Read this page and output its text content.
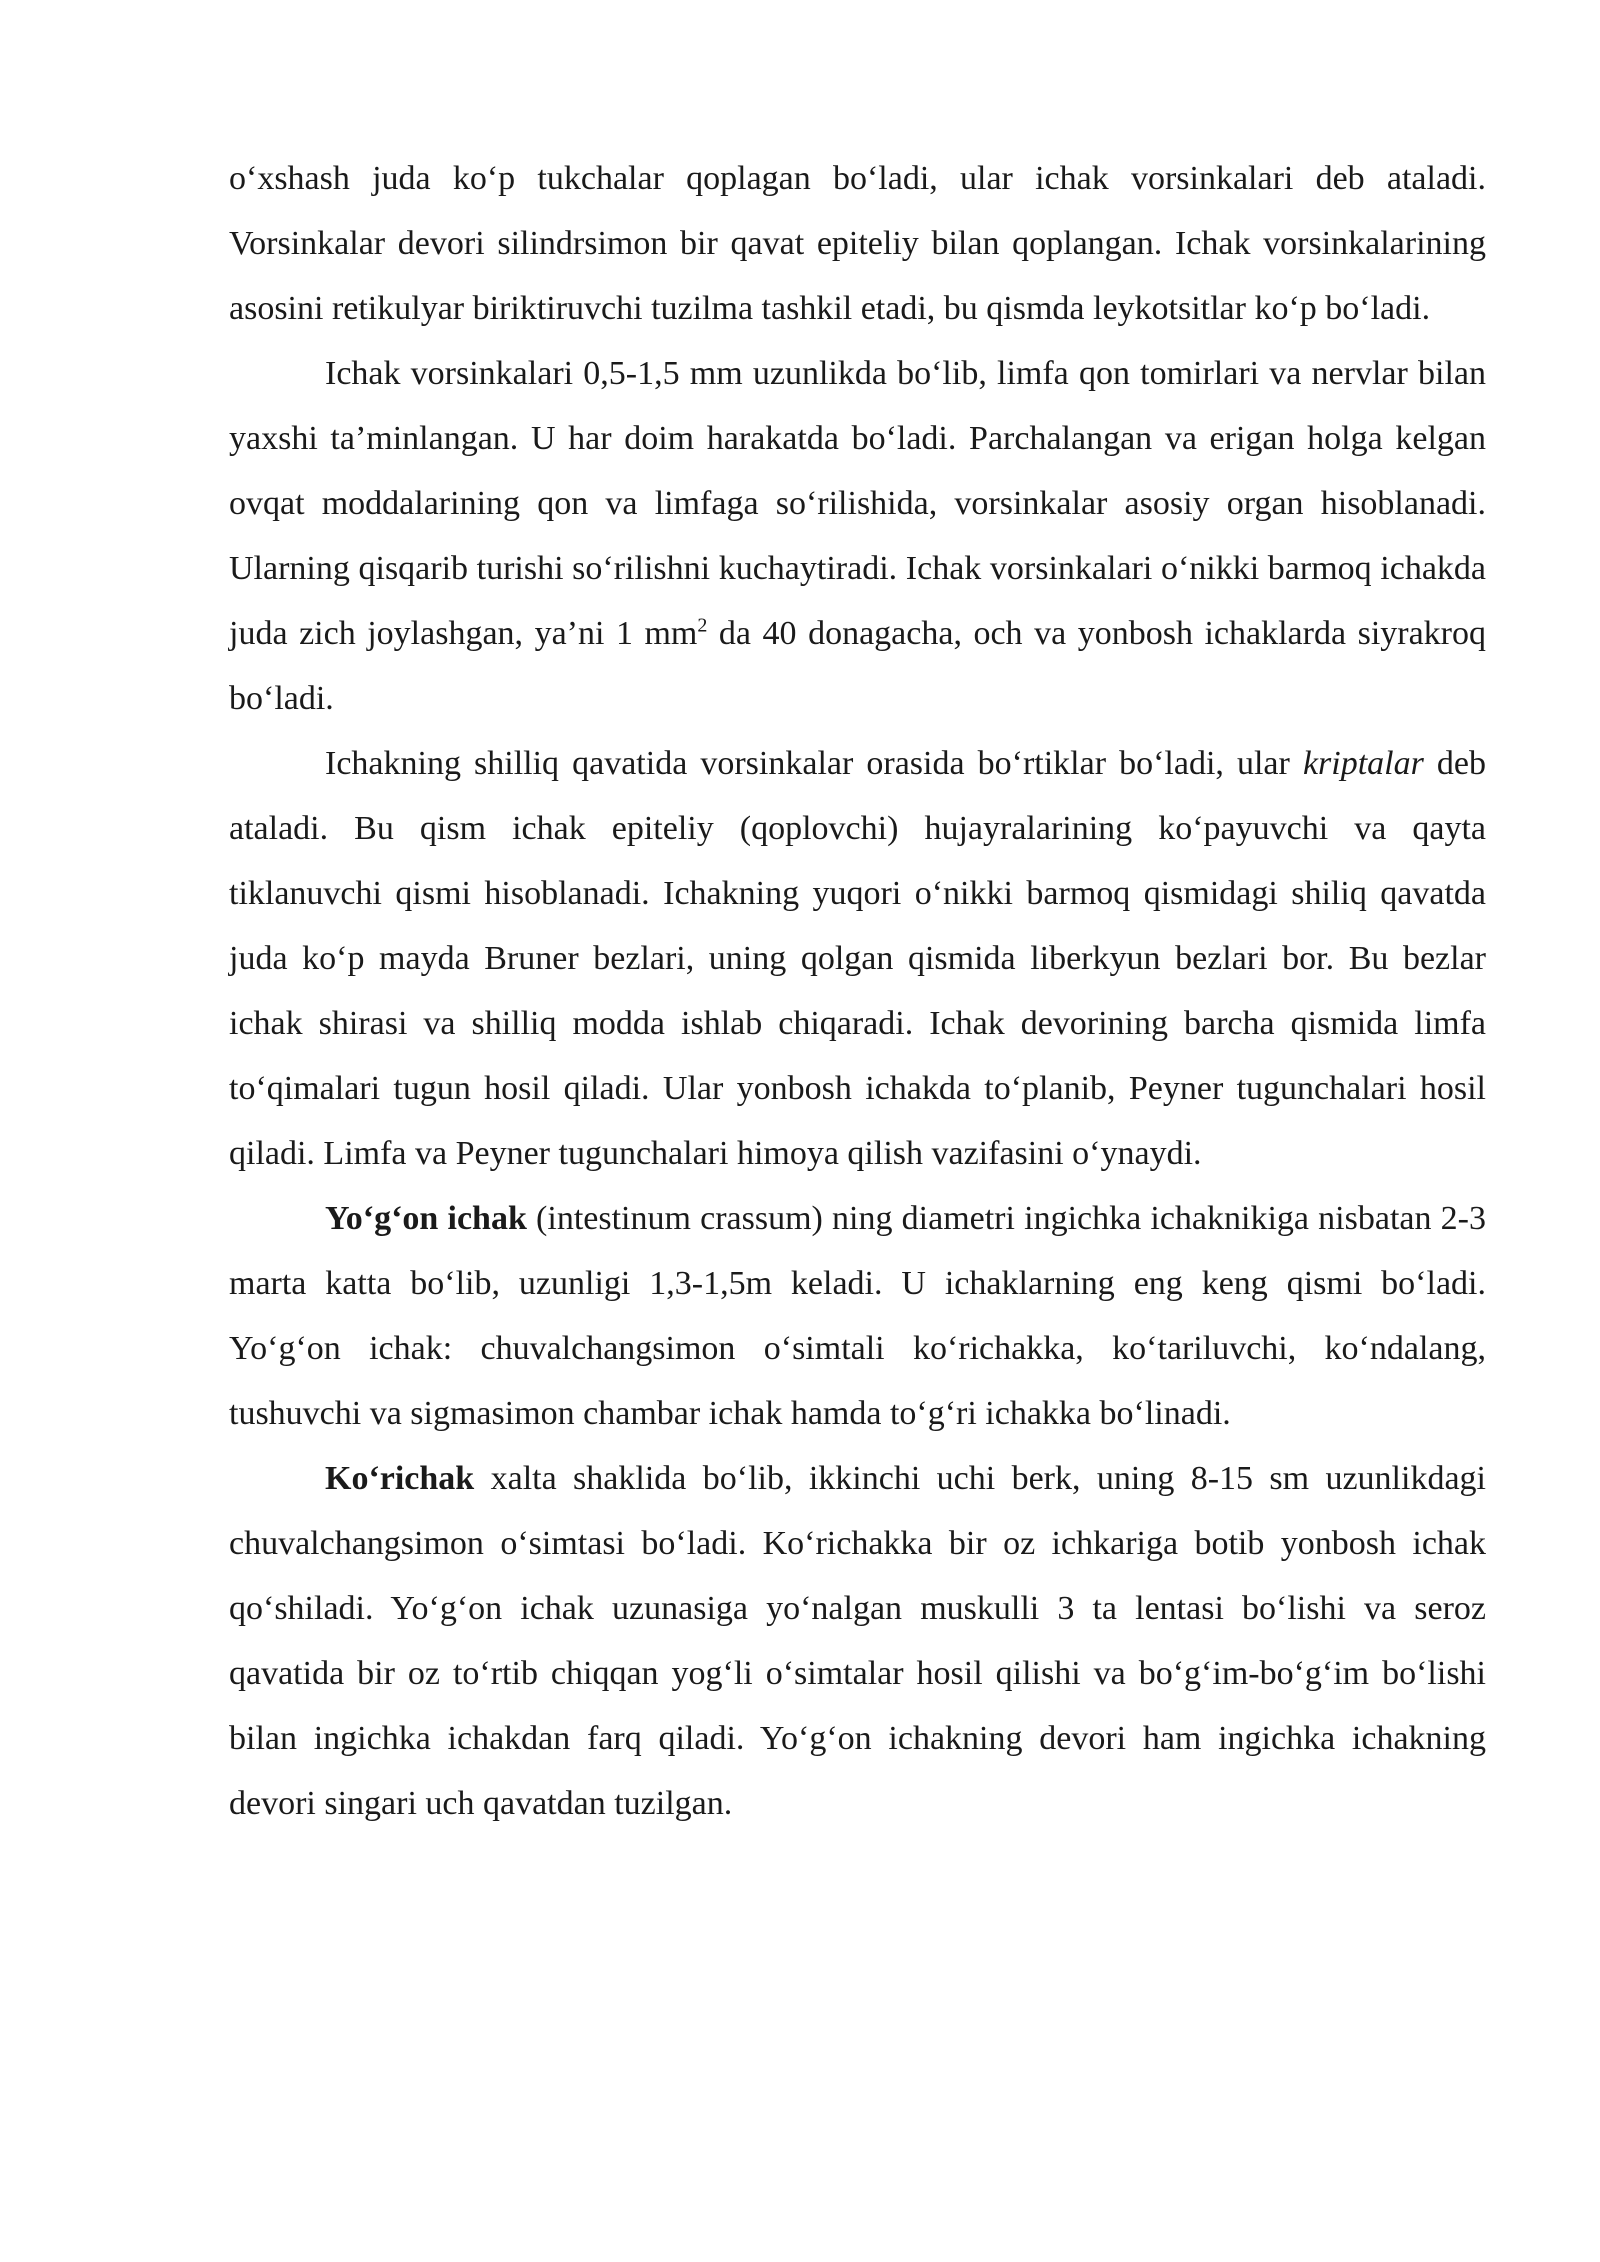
o‘xshash juda ko‘p tukchalar qoplagan bo‘ladi, ular ichak vorsinkalari deb ataladi. Vorsinkalar devori silindrsimon bir qavat epiteliy bilan qoplangan. Ichak vorsinkalarining asosini retikulyar biriktiruvchi tuzilma tashkil etadi, bu qismda leykotsitlar ko‘p bo‘ladi.

Ichak vorsinkalari 0,5-1,5 mm uzunlikda bo‘lib, limfa qon tomirlari va nervlar bilan yaxshi ta’minlangan. U har doim harakatda bo‘ladi. Parchalangan va erigan holga kelgan ovqat moddalarining qon va limfaga so‘rilishida, vorsinkalar asosiy organ hisoblanadi. Ularning qisqarib turishi so‘rilishni kuchaytiradi. Ichak vorsinkalari o‘nikki barmoq ichakda juda zich joylashgan, ya’ni 1 $mm^2$ da 40 donagacha, och va yonbosh ichaklarda siyrakroq bo‘ladi.

Ichakning shilliq qavatida vorsinkalar orasida bo‘rtiklar bo‘ladi, ular kriptalar deb ataladi. Bu qism ichak epiteliy (qoplovchi) hujayralarining ko‘payuvchi va qayta tiklanuvchi qismi hisoblanadi. Ichakning yuqori o‘nikki barmoq qismidagi shiliq qavatda juda ko‘p mayda Bruner bezlari, uning qolgan qismida liberkyun bezlari bor. Bu bezlar ichak shirasi va shilliq modda ishlab chiqaradi. Ichak devorining barcha qismida limfa to‘qimalari tugun hosil qiladi. Ular yonbosh ichakda to‘planib, Peyner tugunchalari hosil qiladi. Limfa va Peyner tugunchalari himoya qilish vazifasini o‘ynaydi.

Yo‘g‘on ichak (intestinum crassum) ning diametri ingichka ichaknikiga nisbatan 2-3 marta katta bo‘lib, uzunligi 1,3-1,5m keladi. U ichaklarning eng keng qismi bo‘ladi. Yo‘g‘on ichak: chuvalchangsimon o‘simtali ko‘richakka, ko‘tariluvchi, ko‘ndalang, tushuvchi va sigmasimon chambar ichak hamda to‘g‘ri ichakka bo‘linadi.

Ko‘richak xalta shaklida bo‘lib, ikkinchi uchi berk, uning 8-15 sm uzunlikdagi chuvalchangsimon o‘simtasi bo‘ladi. Ko‘richakka bir oz ichkariga botib yonbosh ichak qo‘shiladi. Yo‘g‘on ichak uzunasiga yo‘nalgan muskulli 3 ta lentasi bo‘lishi va seroz qavatida bir oz to‘rtib chiqqan yog‘li o‘simtalar hosil qilishi va bo‘g‘im-bo‘g‘im bo‘lishi bilan ingichka ichakdan farq qiladi. Yo‘g‘on ichakning devori ham ingichka ichakning devori singari uch qavatdan tuzilgan.
